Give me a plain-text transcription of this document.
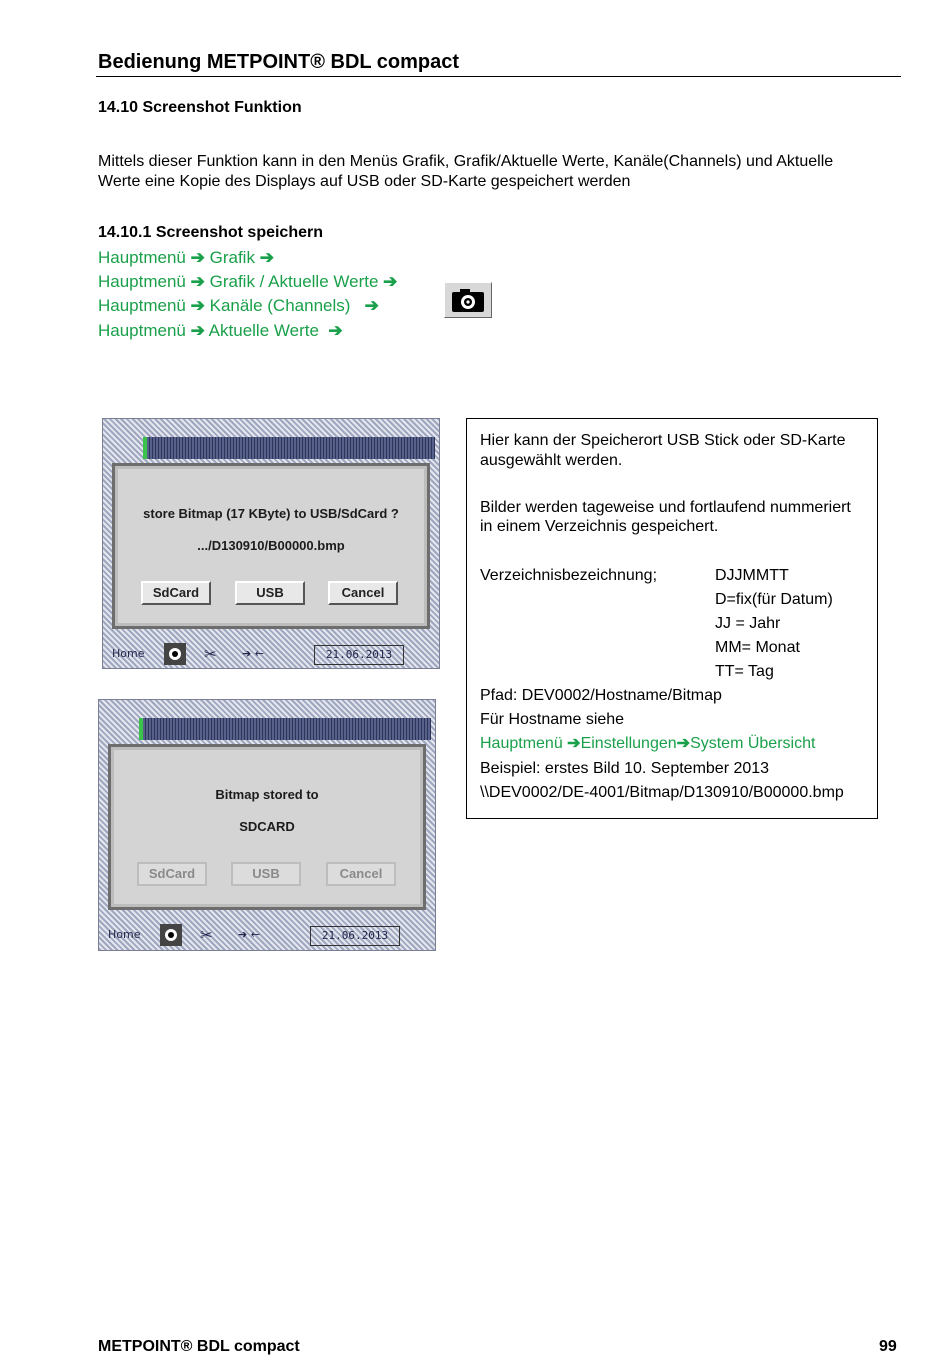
Bedienung METPOINT® BDL compact
14.10 Screenshot Funktion
Mittels dieser Funktion kann in den Menüs Grafik, Grafik/Aktuelle Werte, Kanäle(Channels) und Aktuelle
Werte eine Kopie des Displays auf USB oder SD-Karte gespeichert werden
14.10.1 Screenshot speichern
Hauptmenü ➔ Grafik ➔
Hauptmenü ➔ Grafik / Aktuelle Werte ➔
Hauptmenü ➔ Kanäle (Channels) ➔
Hauptmenü ➔ Aktuelle Werte ➔
store Bitmap (17 KByte) to USB/SdCard ?
.../D130910/B00000.bmp
SdCard	USB	Cancel
Home	✂ ➔ ←	21.06.2013
Bitmap stored to
SDCARD
SdCard	USB	Cancel
Home	✂ ➔ ←	21.06.2013
Hier kann der Speicherort USB Stick oder SD-Karte
ausgewählt werden.
Bilder werden tageweise und fortlaufend nummeriert
in einem Verzeichnis gespeichert.
Verzeichnisbezeichnung;	DJJMMTT
D=fix(für Datum)
JJ = Jahr
MM= Monat
TT= Tag
Pfad: DEV0002/Hostname/Bitmap
Für Hostname siehe
Hauptmenü ➔Einstellungen➔System Übersicht
Beispiel: erstes Bild 10. September 2013
\\DEV0002/DE-4001/Bitmap/D130910/B00000.bmp
METPOINT® BDL compact	99
